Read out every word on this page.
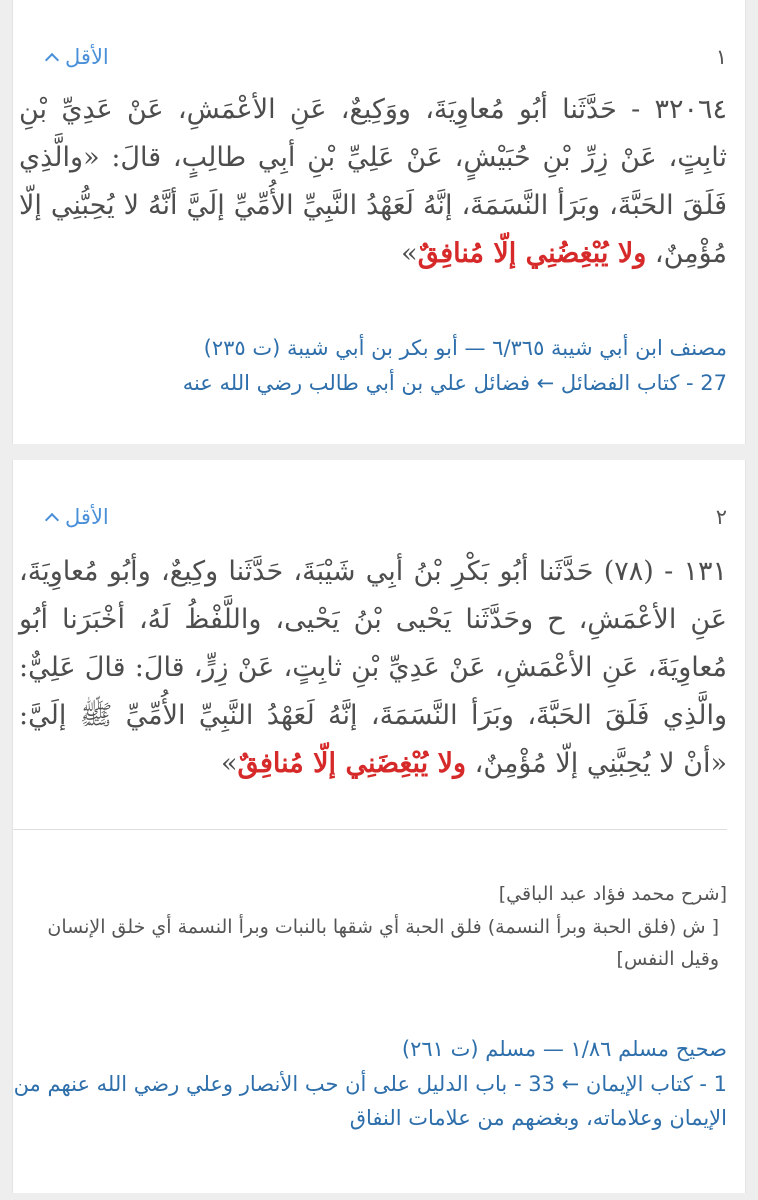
الأقل	١
٣٢٠٦٤ - حَدَّثَنا أبُو مُعاوِيَةَ، ووَكِيعٌ، عَنِ الأعْمَشِ، عَنْ عَدِيِّ بْنِ ثابِتٍ، عَنْ زِرِّ بْنِ حُبَيْشٍ، عَنْ عَلِيِّ بْنِ أبِي طالِبٍ، قالَ: «والَّذِي فَلَقَ الحَبَّةَ، وبَرَأ النَّسَمَةَ، إنَّهُ لَعَهْدُ النَّبِيِّ الأُمِّيِّ إلَيَّ أنَّهُ لا يُحِبُّنِي إلّا مُؤْمِنٌ، ولا يُبْغِضُنِي إلّا مُنافِقٌ»
مصنف ابن أبي شيبة ٦/٣٦٥ — أبو بكر بن أبي شيبة (ت ٢٣٥)
27 - كتاب الفضائل ← فضائل علي بن أبي طالب رضي الله عنه
الأقل	٢
١٣١ - (٧٨) حَدَّثَنا أبُو بَكْرِ بْنُ أبِي شَيْبَةَ، حَدَّثَنا وكِيعٌ، وأبُو مُعاوِيَةَ، عَنِ الأعْمَشِ، ح وحَدَّثَنا يَحْيى بْنُ يَحْيى، واللَّفْظُ لَهُ، أخْبَرَنا أبُو مُعاوِيَةَ، عَنِ الأعْمَشِ، عَنْ عَدِيِّ بْنِ ثابِتٍ، عَنْ زِرٍّ، قالَ: قالَ عَلِيٌّ: والَّذِي فَلَقَ الحَبَّةَ، وبَرَأ النَّسَمَةَ، إنَّهُ لَعَهْدُ النَّبِيِّ الأُمِّيِّ ﷺ إلَيَّ: «أنْ لا يُحِبَّنِي إلّا مُؤْمِنٌ، ولا يُبْغِضَنِي إلّا مُنافِقٌ»
[شرح محمد فؤاد عبد الباقي]
[ ش (فلق الحبة وبرأ النسمة) فلق الحبة أي شقها بالنبات وبرأ النسمة أي خلق الإنسان وقيل النفس]
صحيح مسلم ١/٨٦ — مسلم (ت ٢٦١)
1 - كتاب الإيمان ← 33 - باب الدليل على أن حب الأنصار وعلي رضي الله عنهم من الإيمان وعلاماته، وبغضهم من علامات النفاق
